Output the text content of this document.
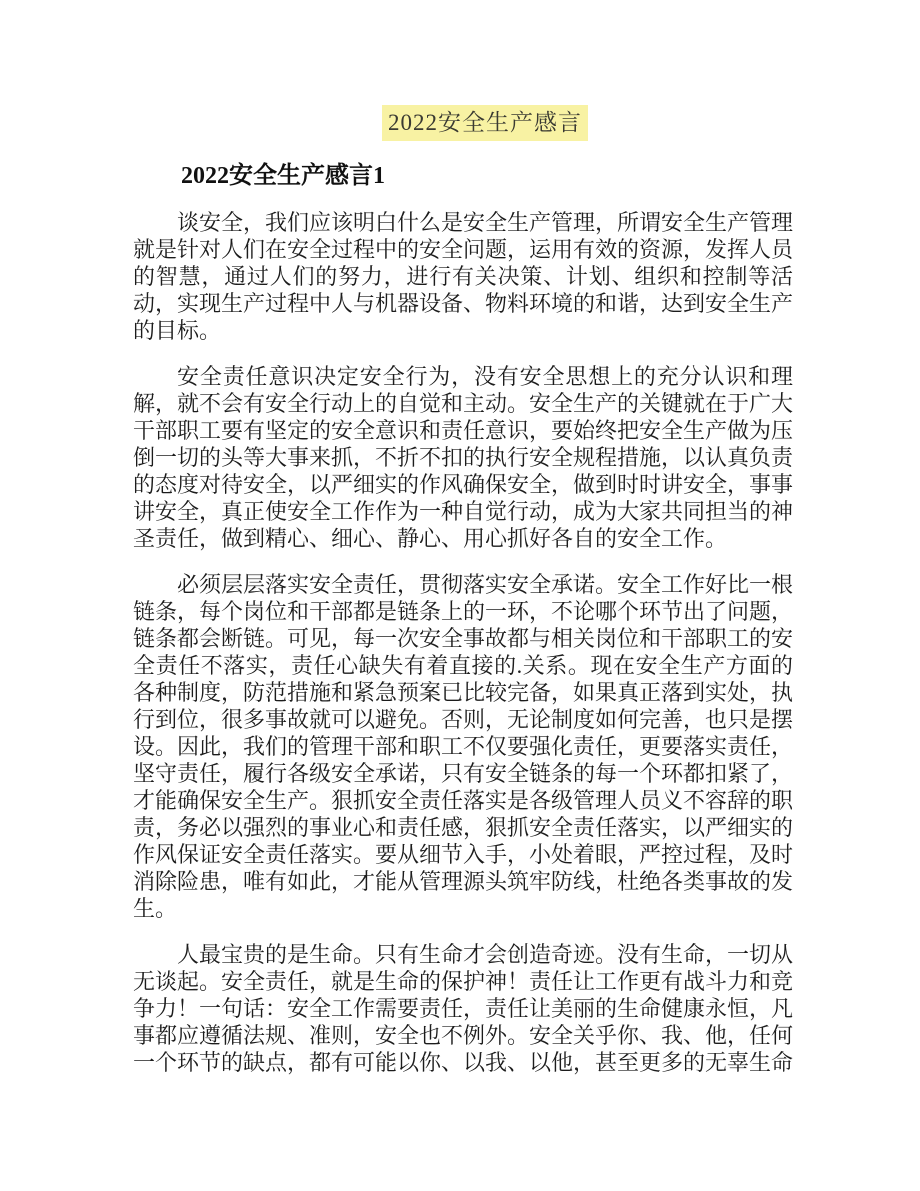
2022安全生产感言
2022安全生产感言1

谈安全，我们应该明白什么是安全生产管理，所谓安全生产管理就是针对人们在安全过程中的安全问题，运用有效的资源，发挥人员的智慧，通过人们的努力，进行有关决策、计划、组织和控制等活动，实现生产过程中人与机器设备、物料环境的和谐，达到安全生产的目标。

安全责任意识决定安全行为，没有安全思想上的充分认识和理解，就不会有安全行动上的自觉和主动。安全生产的关键就在于广大干部职工要有坚定的安全意识和责任意识，要始终把安全生产做为压倒一切的头等大事来抓，不折不扣的执行安全规程措施，以认真负责的态度对待安全，以严细实的作风确保安全，做到时时讲安全，事事讲安全，真正使安全工作作为一种自觉行动，成为大家共同担当的神圣责任，做到精心、细心、静心、用心抓好各自的安全工作。

必须层层落实安全责任，贯彻落实安全承诺。安全工作好比一根链条，每个岗位和干部都是链条上的一环，不论哪个环节出了问题，链条都会断链。可见，每一次安全事故都与相关岗位和干部职工的安全责任不落实，责任心缺失有着直接的.关系。现在安全生产方面的各种制度，防范措施和紧急预案已比较完备，如果真正落到实处，执行到位，很多事故就可以避免。否则，无论制度如何完善，也只是摆设。因此，我们的管理干部和职工不仅要强化责任，更要落实责任，坚守责任，履行各级安全承诺，只有安全链条的每一个环都扣紧了，才能确保安全生产。狠抓安全责任落实是各级管理人员义不容辞的职责，务必以强烈的事业心和责任感，狠抓安全责任落实，以严细实的作风保证安全责任落实。要从细节入手，小处着眼，严控过程，及时消除险患，唯有如此，才能从管理源头筑牢防线，杜绝各类事故的发生。

人最宝贵的是生命。只有生命才会创造奇迹。没有生命，一切从无谈起。安全责任，就是生命的保护神！责任让工作更有战斗力和竞争力！一句话：安全工作需要责任，责任让美丽的生命健康永恒，凡事都应遵循法规、准则，安全也不例外。安全关乎你、我、他，任何一个环节的缺点，都有可能以你、以我、以他，甚至更多的无辜生命
